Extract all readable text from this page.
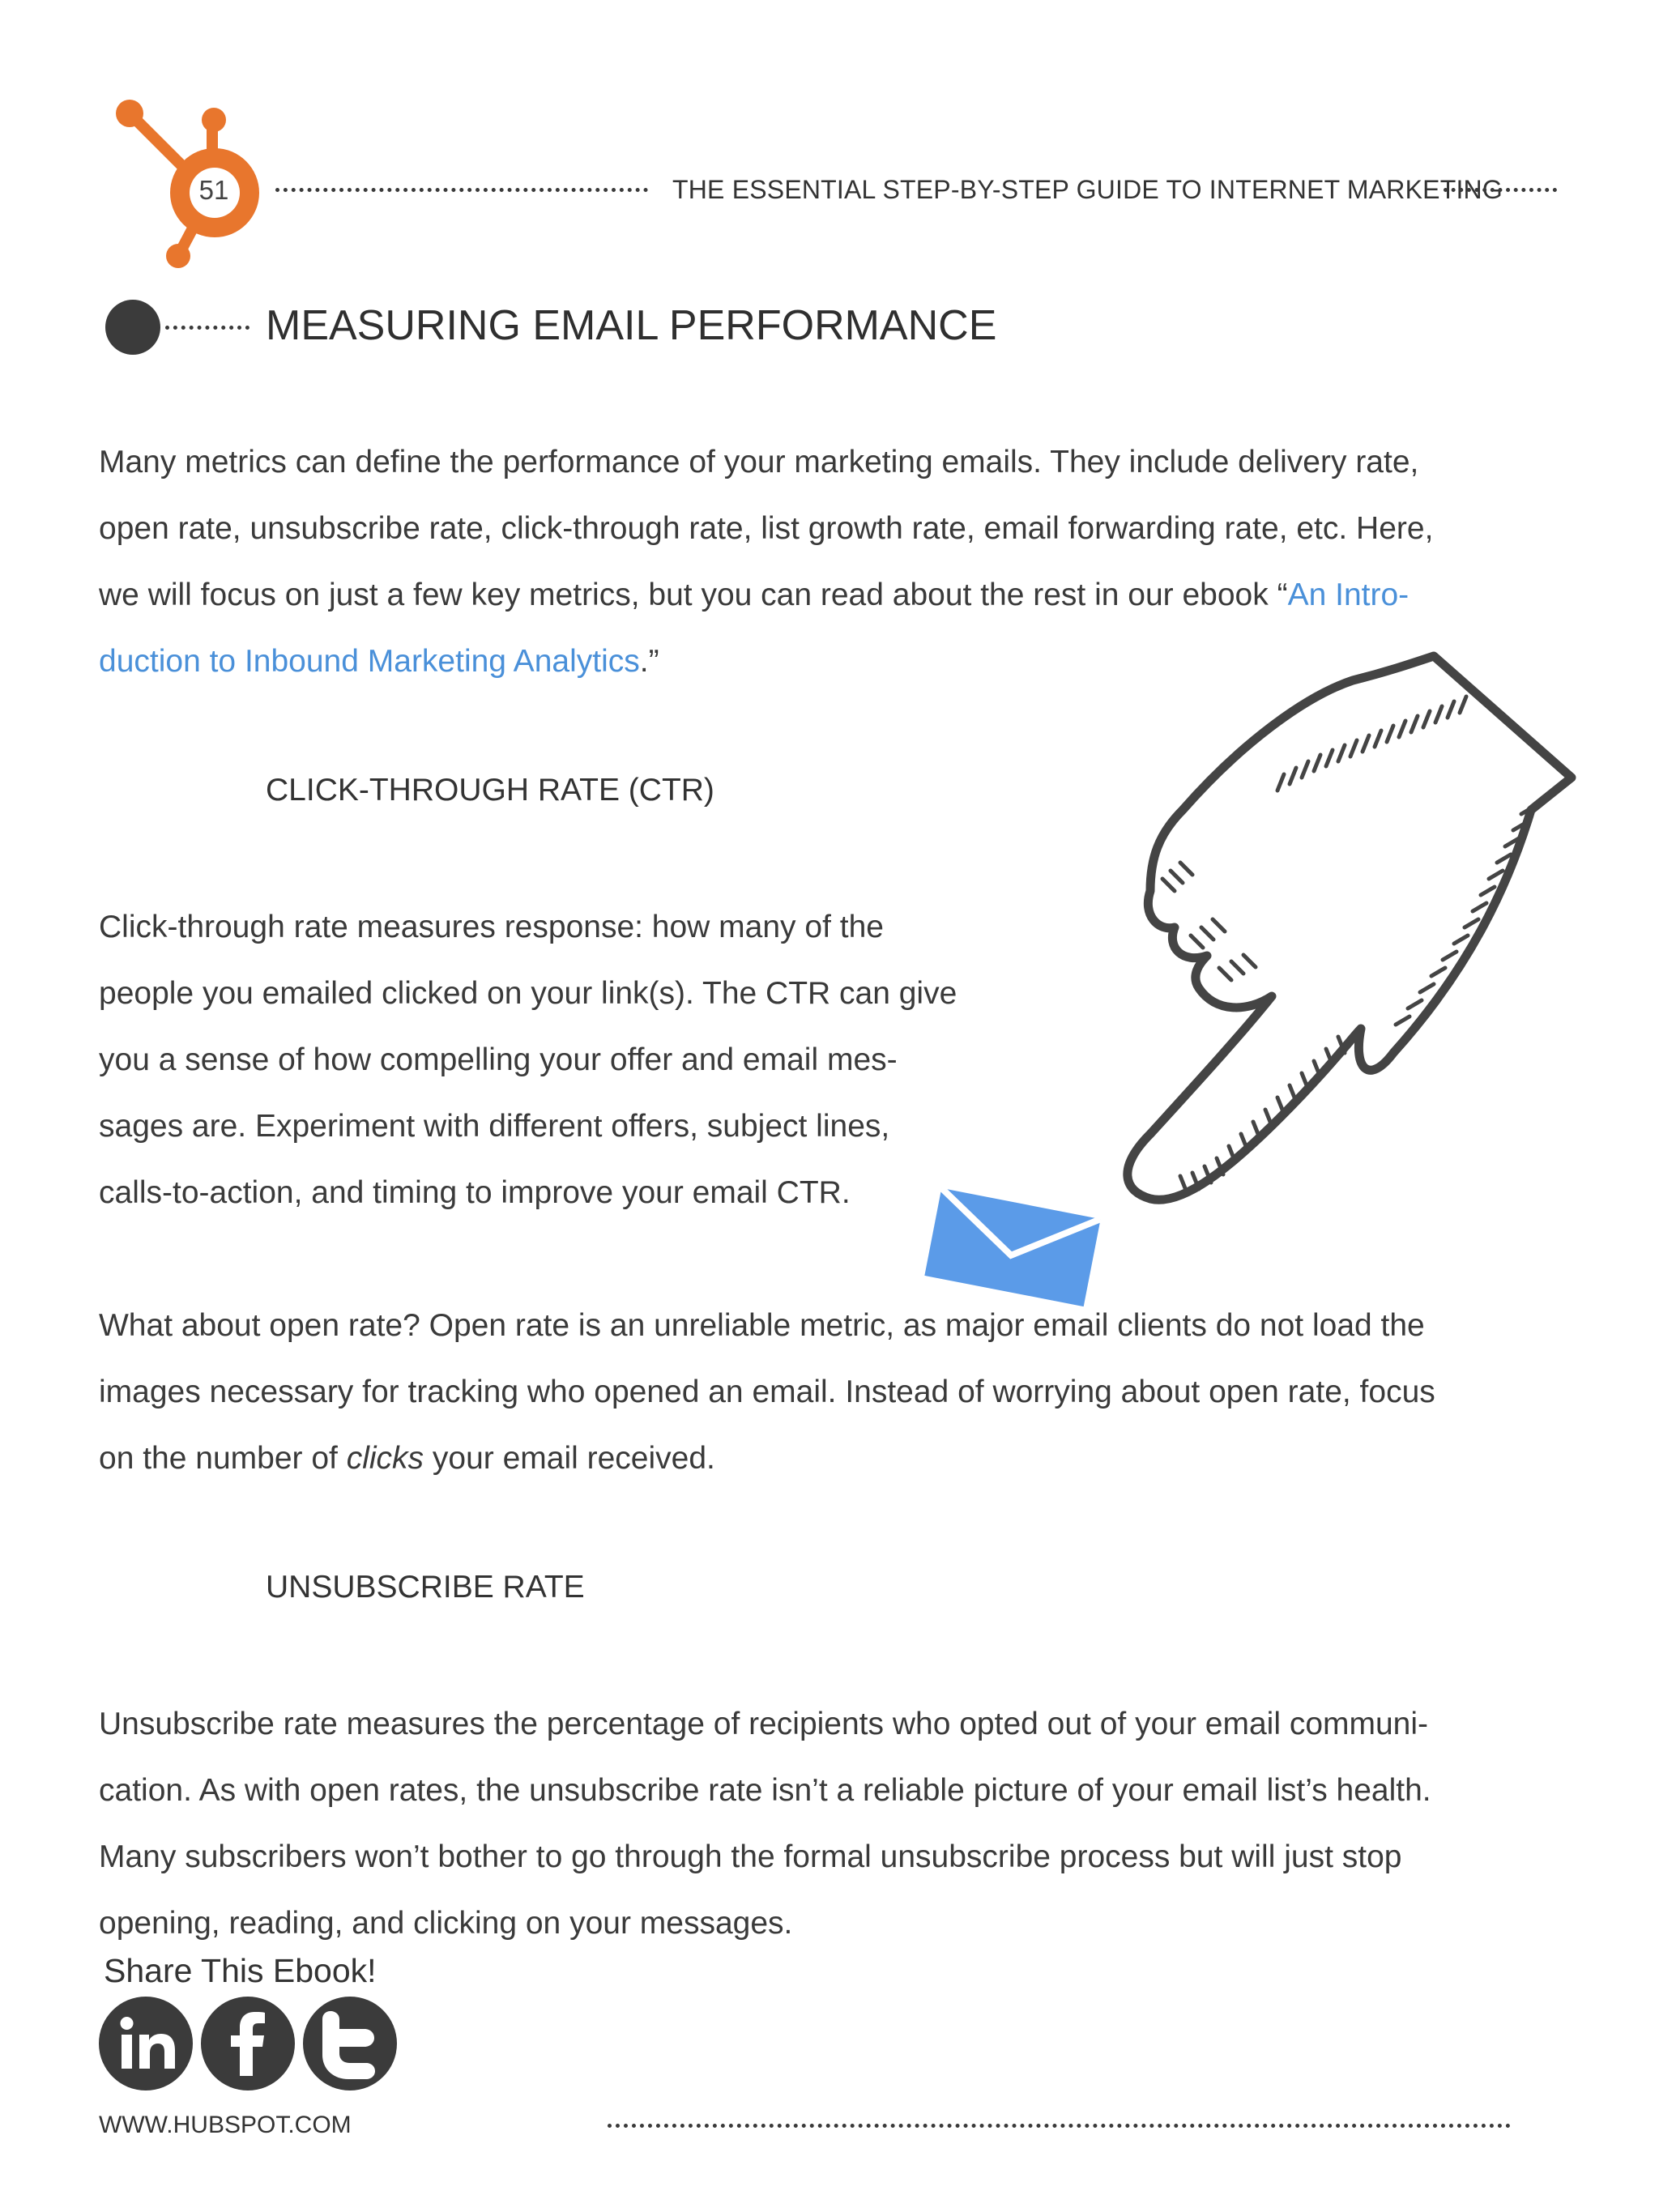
51	THE ESSENTIAL STEP-BY-STEP GUIDE TO INTERNET MARKETING
MEASURING EMAIL PERFORMANCE
Many metrics can define the performance of your marketing emails. They include delivery rate,
open rate, unsubscribe rate, click-through rate, list growth rate, email forwarding rate, etc. Here,
we will focus on just a few key metrics, but you can read about the rest in our ebook “An Intro-
duction to Inbound Marketing Analytics.”
CLICK-THROUGH RATE (CTR)
Click-through rate measures response: how many of the
people you emailed clicked on your link(s). The CTR can give
you a sense of how compelling your offer and email mes-
sages are. Experiment with different offers, subject lines,
calls-to-action, and timing to improve your email CTR.
What about open rate? Open rate is an unreliable metric, as major email clients do not load the
images necessary for tracking who opened an email. Instead of worrying about open rate, focus
on the number of clicks your email received.
UNSUBSCRIBE RATE
Unsubscribe rate measures the percentage of recipients who opted out of your email communi-
cation. As with open rates, the unsubscribe rate isn’t a reliable picture of your email list’s health.
Many subscribers won’t bother to go through the formal unsubscribe process but will just stop
opening, reading, and clicking on your messages.
Share This Ebook!
WWW.HUBSPOT.COM
